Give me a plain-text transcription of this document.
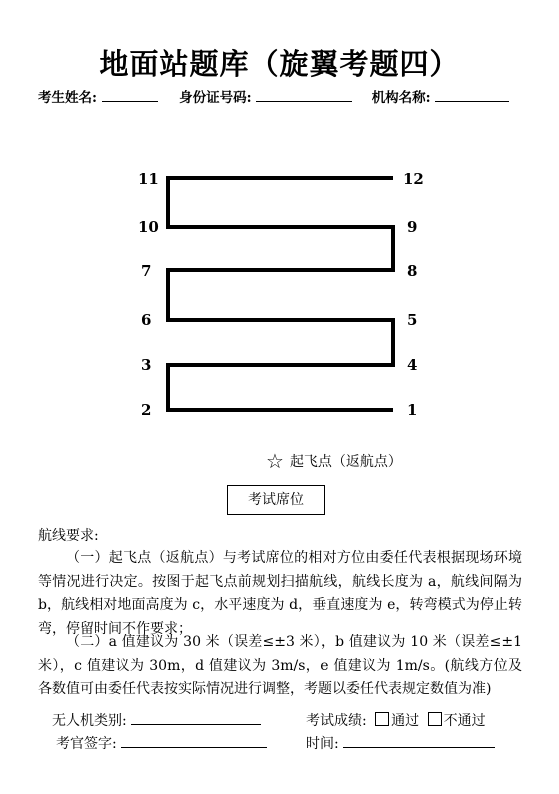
地面站题库（旋翼考题四）
考生姓名:	身份证号码:	机构名称:
1
2
3	4
5
6
7	8
9
10
11	12
☆ 起飞点（返航点）
考试席位
航线要求:
（一）起飞点（返航点）与考试席位的相对方位由委任代表根据现场环境等情况进行决定。按图于起飞点前规划扫描航线，航线长度为 a，航线间隔为 b，航线相对地面高度为 c，水平速度为 d，垂直速度为 e，转弯模式为停止转弯，停留时间不作要求；
（二）a 值建议为 30 米（误差≤±3 米），b 值建议为 10 米（误差≤±1 米），c 值建议为 30m，d 值建议为 3m/s，e 值建议为 1m/s。(航线方位及各数值可由委任代表按实际情况进行调整，考题以委任代表规定数值为准)
无人机类别:	考试成绩: 通过 不通过
考官签字:	时间:
